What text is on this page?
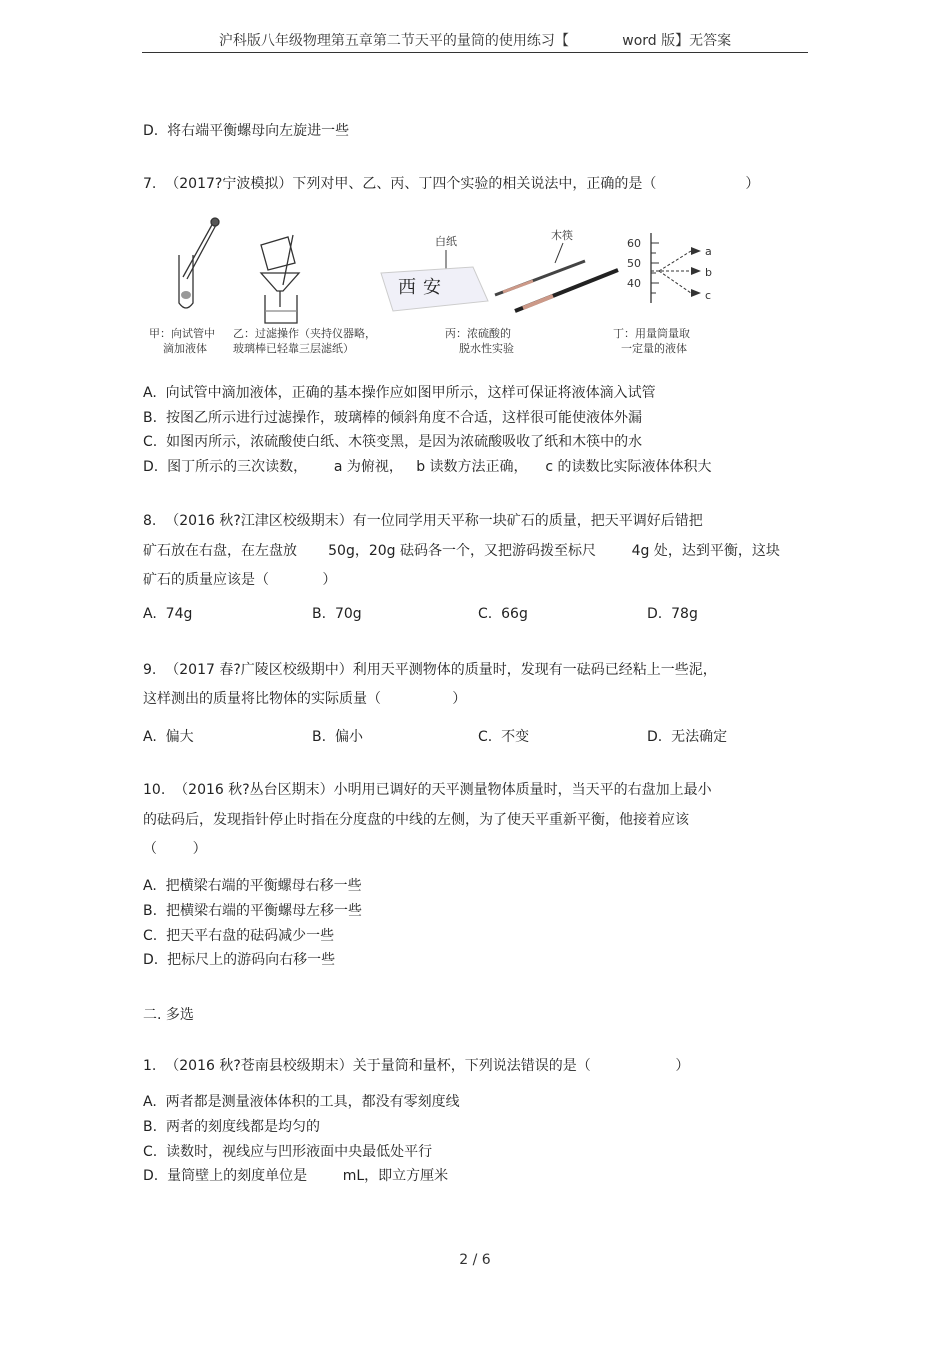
沪科版八年级物理第五章第二节天平的量筒的使用练习【	word 版】无答案
D.  将右端平衡螺母向左旋进一些
7.  （2017?宁波模拟）下列对甲、乙、丙、丁四个实验的相关说法中，正确的是（                    ）
白纸
西 安
木筷
60
50
40
a
b
c
甲：向试管中
滴加液体
乙：过滤操作（夹持仪器略，
玻璃棒已轻靠三层滤纸）
丙：浓硫酸的
脱水性实验
丁：用量筒量取
一定量的液体
A.  向试管中滴加液体，正确的基本操作应如图甲所示，这样可保证将液体滴入试管
B.  按图乙所示进行过滤操作，玻璃棒的倾斜角度不合适，这样很可能使液体外漏
C.  如图丙所示，浓硫酸使白纸、木筷变黑，是因为浓硫酸吸收了纸和木筷中的水
D.  图丁所示的三次读数，      a 为俯视，   b 读数方法正确，    c 的读数比实际液体体积大
8.  （2016 秋?江津区校级期末）有一位同学用天平称一块矿石的质量，把天平调好后错把
矿石放在右盘，在左盘放       50g，20g 砝码各一个，又把游码拨至标尺        4g 处，达到平衡，这块
矿石的质量应该是（            ）
A.  74g	B.  70g	C.  66g	D.  78g
9.  （2017 春?广陵区校级期中）利用天平测物体的质量时，发现有一砝码已经粘上一些泥，
这样测出的质量将比物体的实际质量（                ）
A.  偏大	B.  偏小	C.  不变	D.  无法确定
10.  （2016 秋?丛台区期末）小明用已调好的天平测量物体质量时，当天平的右盘加上最小
的砝码后，发现指针停止时指在分度盘的中线的左侧，为了使天平重新平衡，他接着应该
（        ）
A.  把横梁右端的平衡螺母右移一些
B.  把横梁右端的平衡螺母左移一些
C.  把天平右盘的砝码减少一些
D.  把标尺上的游码向右移一些
二. 多选
1.  （2016 秋?苍南县校级期末）关于量筒和量杯，下列说法错误的是（                   ）
A.  两者都是测量液体体积的工具，都没有零刻度线
B.  两者的刻度线都是均匀的
C.  读数时，视线应与凹形液面中央最低处平行
D.  量筒壁上的刻度单位是        mL，即立方厘米
2 / 6
